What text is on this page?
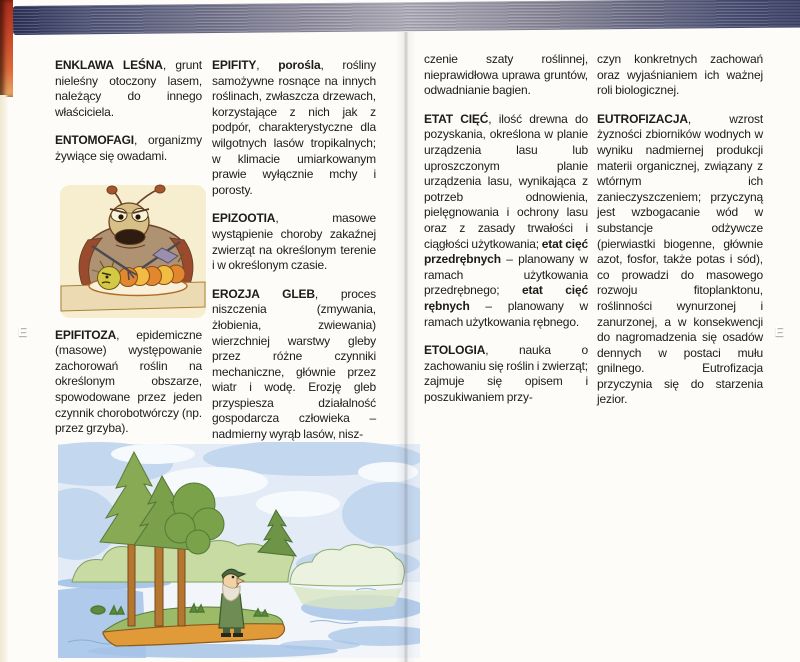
E	E
ENKLAWA LEŚNA, grunt nieleśny otoczony lasem, należący do innego właściciela.
ENTOMOFAGI, organizmy żywiące się owadami.
EPIFITOZA, epidemiczne (masowe) występowanie zachorowań roślin na określonym obszarze, spowodowane przez jeden czynnik chorobotwórczy (np. przez grzyba).
EPIFITY, porośla, rośliny samożywne rosnące na innych roślinach, zwłaszcza drzewach, korzystające z nich jak z podpór, charakterystyczne dla wilgotnych lasów tropikalnych; w klimacie umiarkowanym prawie wyłącznie mchy i porosty.
EPIZOOTIA, masowe wystąpienie choroby zakaźnej zwierząt na określonym terenie i w określonym czasie.
EROZJA GLEB, proces niszczenia (zmywania, żłobienia, zwiewania) wierzchniej warstwy gleby przez różne czynniki mechaniczne, głównie przez wiatr i wodę. Erozję gleb przyspiesza działalność gospodarcza człowieka – nadmierny wyrąb lasów, nisz-
czenie szaty roślinnej, nieprawidłowa uprawa gruntów, odwadnianie bagien.
ETAT CIĘĆ, ilość drewna do pozyskania, określona w planie urządzenia lasu lub uproszczonym planie urządzenia lasu, wynikająca z potrzeb odnowienia, pielęgnowania i ochrony lasu oraz z zasady trwałości i ciągłości użytkowania; etat cięć przedrębnych – planowany w ramach użytkowania przedrębnego; etat cięć rębnych – planowany w ramach użytkowania rębnego.
ETOLOGIA, nauka o zachowaniu się roślin i zwierząt; zajmuje się opisem i poszukiwaniem przy-
czyn konkretnych zachowań oraz wyjaśnianiem ich ważnej roli biologicznej.
EUTROFIZACJA, wzrost żyzności zbiorników wodnych w wyniku nadmiernej produkcji materii organicznej, związany z wtórnym ich zanieczyszczeniem; przyczyną jest wzbogacanie wód w substancje odżywcze (pierwiastki biogenne, głównie azot, fosfor, także potas i sód), co prowadzi do masowego rozwoju fitoplanktonu, roślinności wynurzonej i zanurzonej, a w konsekwencji do nagromadzenia się osadów dennych w postaci mułu gnilnego. Eutrofizacja przyczynia się do starzenia jezior.
